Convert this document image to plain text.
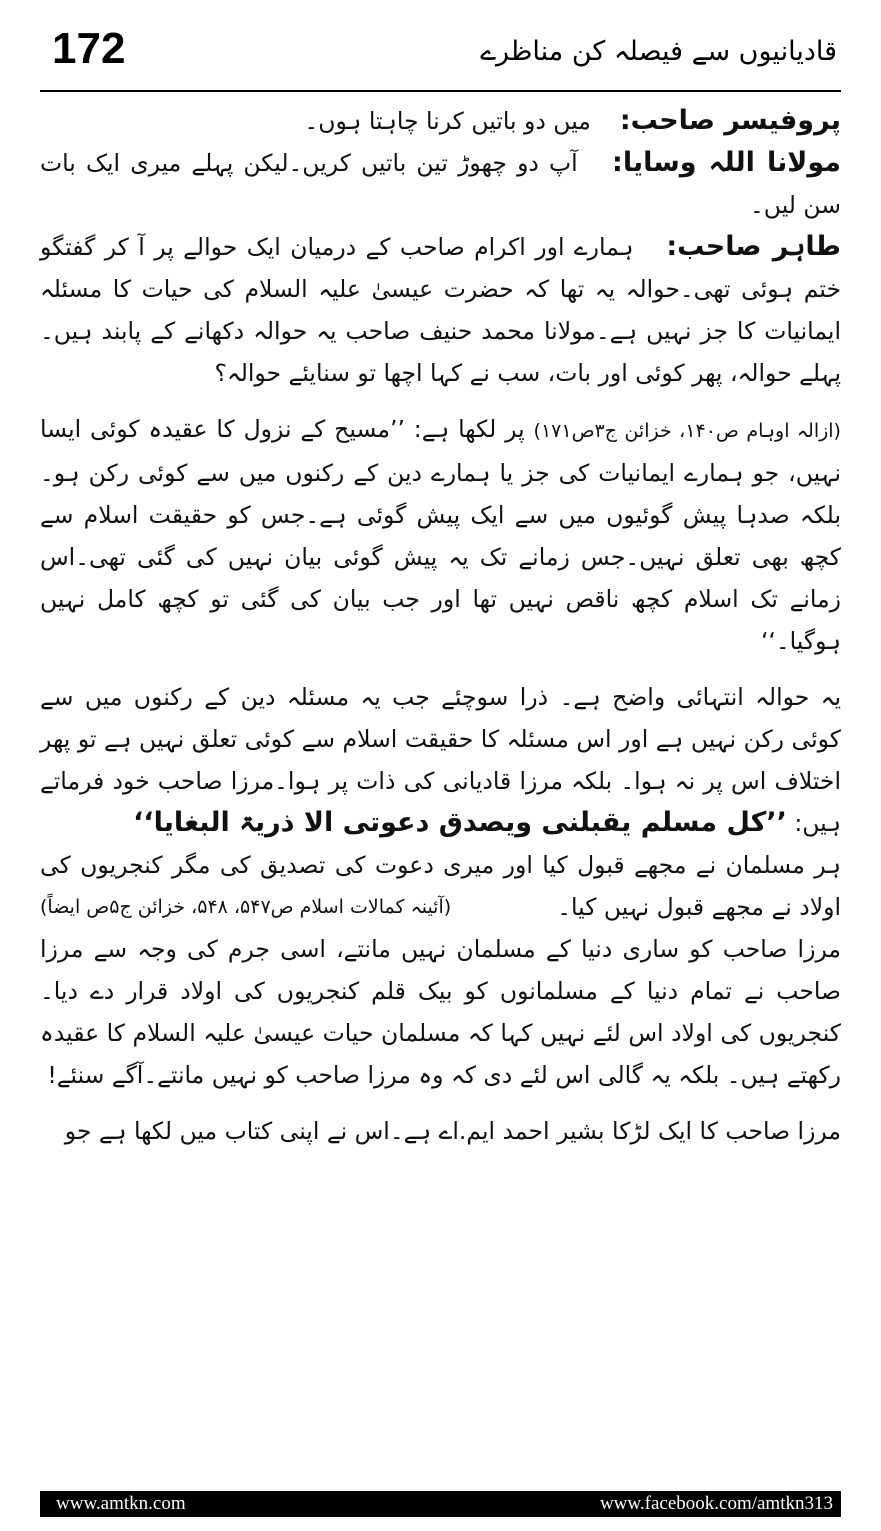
172	قادیانیوں سے فیصلہ کن مناظرے

پروفیسر صاحب:  میں دو باتیں کرنا چاہتا ہوں۔

مولانا اللہ وسایا:  آپ دو چھوڑ تین باتیں کریں۔لیکن پہلے میری ایک بات سن لیں۔

طاہر صاحب:  ہمارے اور اکرام صاحب کے درمیان ایک حوالے پر آ کر گفتگو ختم ہوئی تھی۔حوالہ یہ تھا کہ حضرت عیسیٰ علیہ السلام کی حیات کا مسئلہ ایمانیات کا جز نہیں ہے۔مولانا محمد حنیف صاحب یہ حوالہ دکھانے کے پابند ہیں۔ پہلے حوالہ، پھر کوئی اور بات، سب نے کہا اچھا تو سنایئے حوالہ؟

(ازالہ اوہام ص۱۴۰، خزائن ج۳ص۱۷۱) پر لکھا ہے: ’’مسیح کے نزول کا عقیدہ کوئی ایسا نہیں، جو ہمارے ایمانیات کی جز یا ہمارے دین کے رکنوں میں سے کوئی رکن ہو۔ بلکہ صدہا پیش گوئیوں میں سے ایک پیش گوئی ہے۔جس کو حقیقت اسلام سے کچھ بھی تعلق نہیں۔جس زمانے تک یہ پیش گوئی بیان نہیں کی گئی تھی۔اس زمانے تک اسلام کچھ ناقص نہیں تھا اور جب بیان کی گئی تو کچھ کامل نہیں ہوگیا۔‘‘

یہ حوالہ انتہائی واضح ہے۔ ذرا سوچئے جب یہ مسئلہ دین کے رکنوں میں سے کوئی رکن نہیں ہے اور اس مسئلہ کا حقیقت اسلام سے کوئی تعلق نہیں ہے تو پھر اختلاف اس پر نہ ہوا۔ بلکہ مرزا قادیانی کی ذات پر ہوا۔مرزا صاحب خود فرماتے ہیں: ’’کل مسلم یقبلنی ویصدق دعوتی الا ذریۃ البغایا‘‘

ہر مسلمان نے مجھے قبول کیا اور میری دعوت کی تصدیق کی مگر کنجریوں کی اولاد نے مجھے قبول نہیں کیا۔
(آئینہ کمالات اسلام ص۵۴۷، ۵۴۸، خزائن ج۵ص ایضاً)

مرزا صاحب کو ساری دنیا کے مسلمان نہیں مانتے، اسی جرم کی وجہ سے مرزا صاحب نے تمام دنیا کے مسلمانوں کو بیک قلم کنجریوں کی اولاد قرار دے دیا۔کنجریوں کی اولاد اس لئے نہیں کہا کہ مسلمان حیات عیسیٰ علیہ السلام کا عقیدہ رکھتے ہیں۔ بلکہ یہ گالی اس لئے دی کہ وہ مرزا صاحب کو نہیں مانتے۔آگے سنئے!

مرزا صاحب کا ایک لڑکا بشیر احمد ایم.اے ہے۔اس نے اپنی کتاب میں لکھا ہے جو

www.amtkn.com	www.facebook.com/amtkn313
